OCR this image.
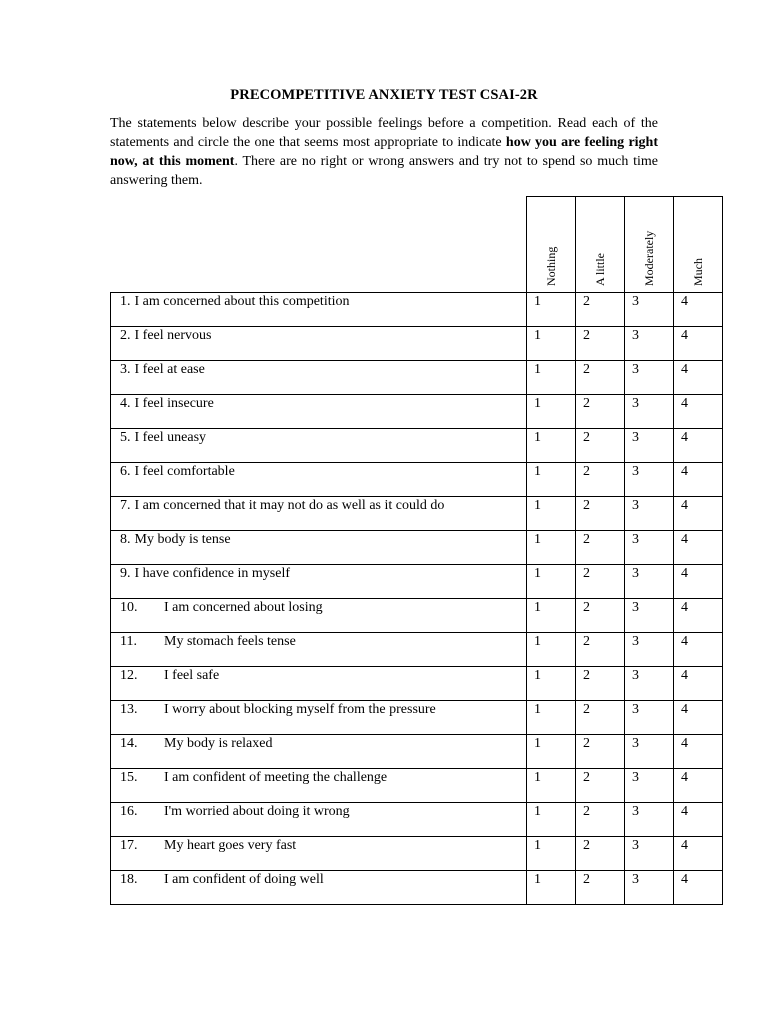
PRECOMPETITIVE ANXIETY TEST CSAI-2R

The statements below describe your possible feelings before a competition. Read each of the statements and circle the one that seems most appropriate to indicate how you are feeling right now, at this moment. There are no right or wrong answers and try not to spend so much time answering them.

	Nothing	A little	Moderately	Much

1. I am concerned about this competition	1	2	3	4

2. I feel nervous	1	2	3	4

3. I feel at ease	1	2	3	4

4. I feel insecure	1	2	3	4

5. I feel uneasy	1	2	3	4

6. I feel comfortable	1	2	3	4

7. I am concerned that it may not do as well as it could do	1	2	3	4

8. My body is tense	1	2	3	4

9. I have confidence in myself	1	2	3	4

10. I am concerned about losing	1	2	3	4

11. My stomach feels tense	1	2	3	4

12. I feel safe	1	2	3	4

13. I worry about blocking myself from the pressure	1	2	3	4

14. My body is relaxed	1	2	3	4

15. I am confident of meeting the challenge	1	2	3	4

16. I'm worried about doing it wrong	1	2	3	4

17. My heart goes very fast	1	2	3	4

18. I am confident of doing well	1	2	3	4
